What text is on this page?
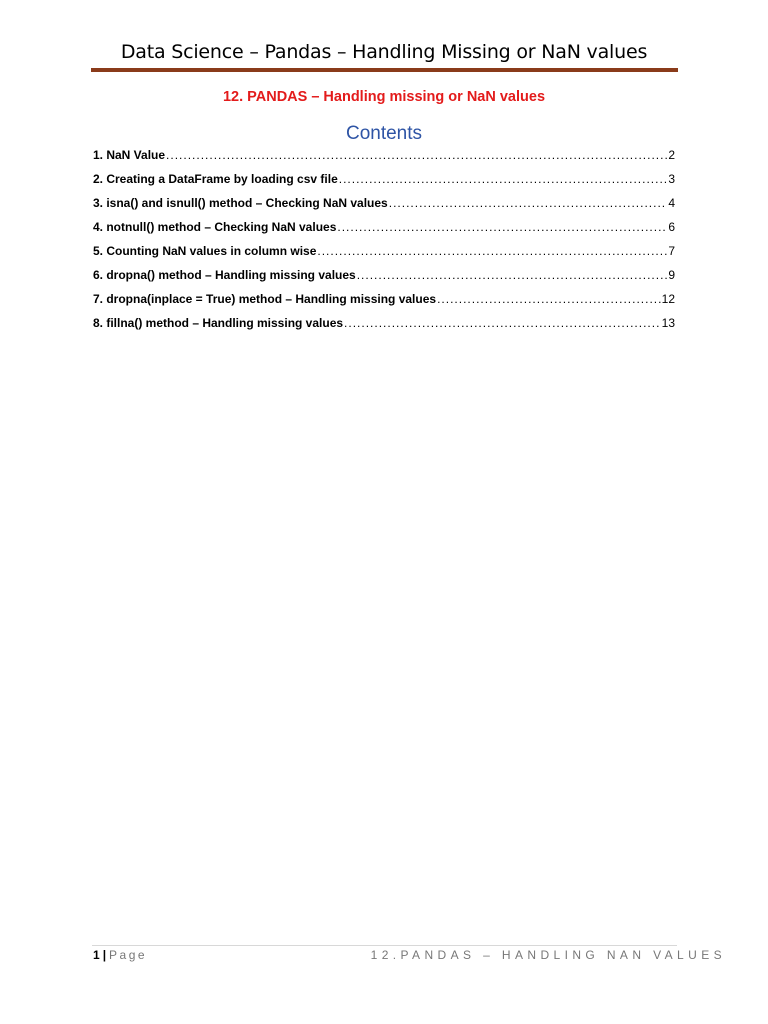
Data Science – Pandas – Handling Missing or NaN values
12. PANDAS – Handling missing or NaN values
Contents
1. NaN Value .....	2
2. Creating a DataFrame by loading csv file .....	3
3. isna() and isnull() method – Checking NaN values .....	4
4. notnull() method – Checking NaN values .....	6
5. Counting NaN values in column wise .....	7
6. dropna() method – Handling missing values .....	9
7. dropna(inplace = True) method – Handling missing values .....	12
8. fillna() method – Handling missing values .....	13
1 | Page	12.PANDAS – HANDLING NAN VALUES
